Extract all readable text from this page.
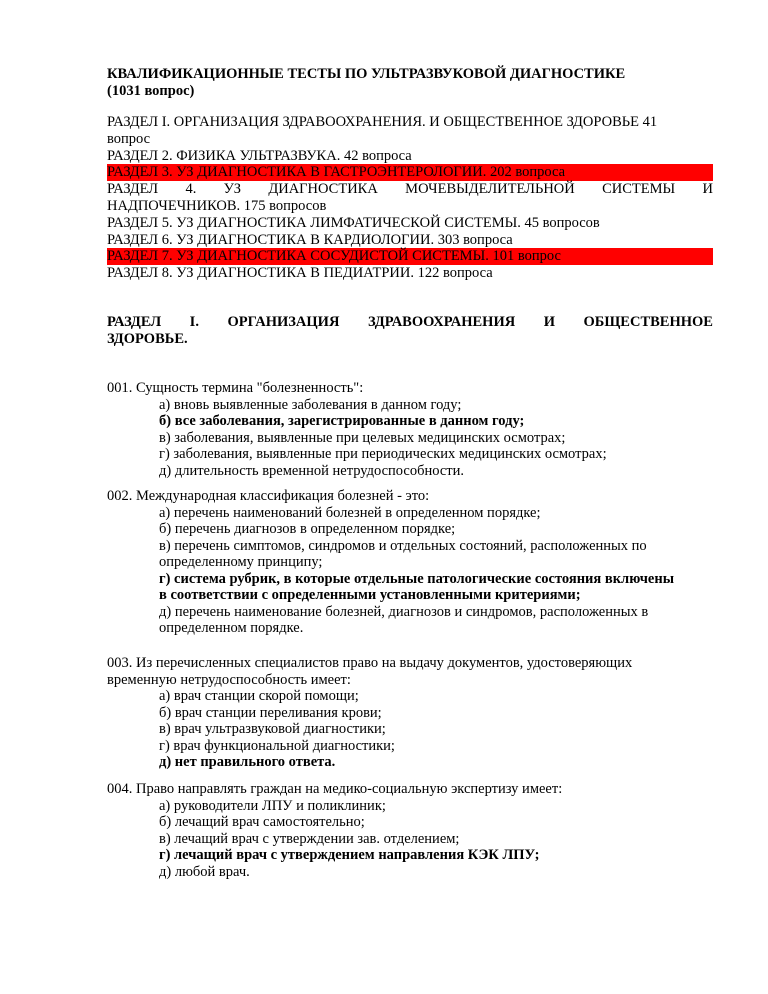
КВАЛИФИКАЦИОННЫЕ ТЕСТЫ ПО УЛЬТРАЗВУКОВОЙ ДИАГНОСТИКЕ
(1031 вопрос)
РАЗДЕЛ I. ОРГАНИЗАЦИЯ ЗДРАВООХРАНЕНИЯ. И ОБЩЕСТВЕННОЕ ЗДОРОВЬЕ 41
вопрос
РАЗДЕЛ 2. ФИЗИКА УЛЬТРАЗВУКА. 42 вопроса
РАЗДЕЛ 3. УЗ ДИАГНОСТИКА В ГАСТРОЭНТЕРОЛОГИИ. 202 вопроса
РАЗДЕЛ 4. УЗ ДИАГНОСТИКА МОЧЕВЫДЕЛИТЕЛЬНОЙ СИСТЕМЫ И
НАДПОЧЕЧНИКОВ. 175 вопросов
РАЗДЕЛ 5. УЗ ДИАГНОСТИКА ЛИМФАТИЧЕСКОЙ СИСТЕМЫ. 45 вопросов
РАЗДЕЛ 6. УЗ ДИАГНОСТИКА В КАРДИОЛОГИИ. 303 вопроса
РАЗДЕЛ 7. УЗ ДИАГНОСТИКА СОСУДИСТОЙ СИСТЕМЫ. 101 вопрос
РАЗДЕЛ 8. УЗ ДИАГНОСТИКА В ПЕДИАТРИИ. 122 вопроса
РАЗДЕЛ I. ОРГАНИЗАЦИЯ ЗДРАВООХРАНЕНИЯ И ОБЩЕСТВЕННОЕ
ЗДОРОВЬЕ.
001. Сущность термина "болезненность":
а) вновь выявленные заболевания в данном году;
б) все заболевания, зарегистрированные в данном году;
в) заболевания, выявленные при целевых медицинских осмотрах;
г) заболевания, выявленные при периодических медицинских осмотрах;
д) длительность временной нетрудоспособности.
002. Международная классификация болезней - это:
а) перечень наименований болезней в определенном порядке;
б) перечень диагнозов в определенном порядке;
в) перечень симптомов, синдромов и отдельных состояний, расположенных по
определенному принципу;
г) система рубрик, в которые отдельные патологические состояния включены
в соответствии с определенными установленными критериями;
д) перечень наименование болезней, диагнозов и синдромов, расположенных в
определенном порядке.
003. Из перечисленных специалистов право на выдачу документов, удостоверяющих
временную нетрудоспособность имеет:
а) врач станции скорой помощи;
б) врач станции переливания крови;
в) врач ультразвуковой диагностики;
г) врач функциональной диагностики;
д) нет правильного ответа.
004. Право направлять граждан на медико-социальную экспертизу имеет:
а) руководители ЛПУ и поликлиник;
б) лечащий врач самостоятельно;
в) лечащий врач с утверждении зав. отделением;
г) лечащий врач с утверждением направления КЭК ЛПУ;
д) любой врач.
